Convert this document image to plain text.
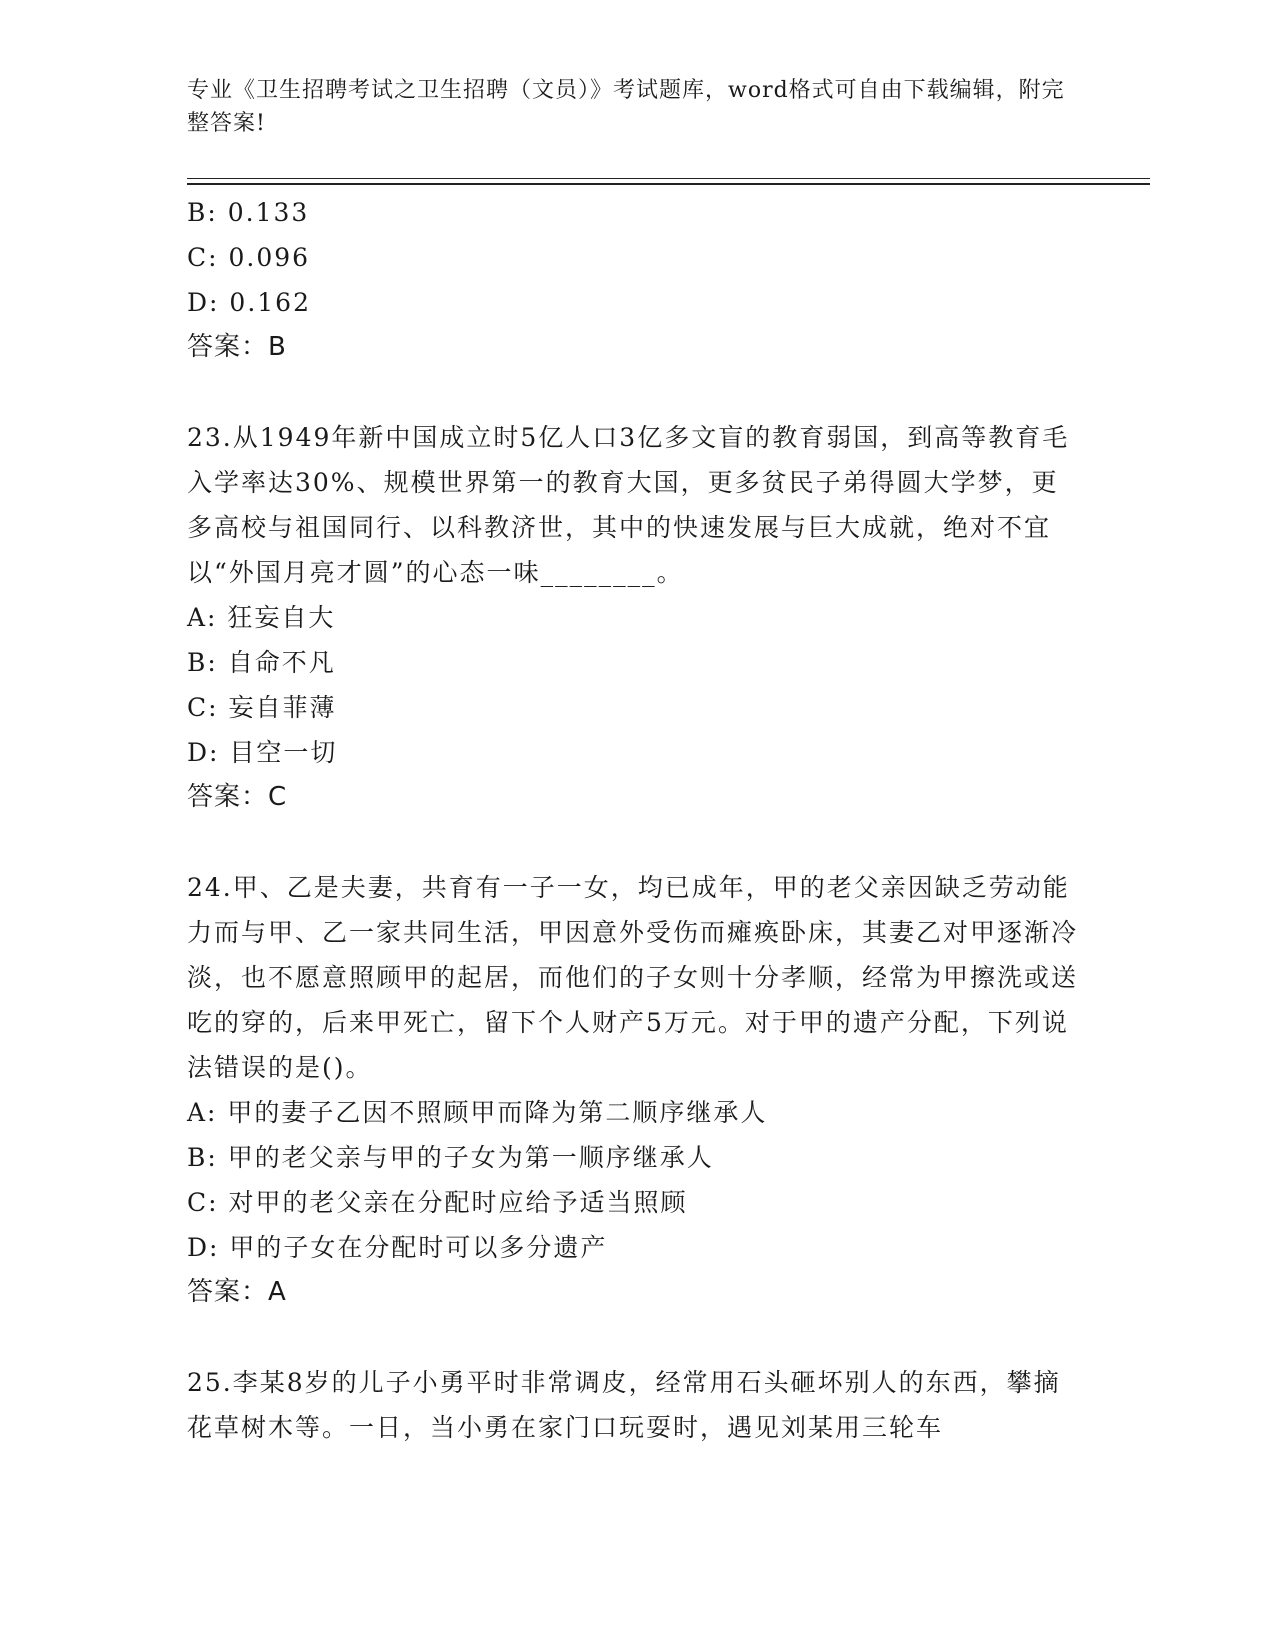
专业《卫生招聘考试之卫生招聘（文员）》考试题库，word格式可自由下载编辑，附完整答案!
B: 0.133
C: 0.096
D: 0.162
答案：B
23.从1949年新中国成立时5亿人口3亿多文盲的教育弱国，到高等教育毛入学率达30%、规模世界第一的教育大国，更多贫民子弟得圆大学梦，更多高校与祖国同行、以科教济世，其中的快速发展与巨大成就，绝对不宜以“外国月亮才圆”的心态一味________。
A: 狂妄自大
B: 自命不凡
C: 妄自菲薄
D: 目空一切
答案：C
24.甲、乙是夫妻，共育有一子一女，均已成年，甲的老父亲因缺乏劳动能力而与甲、乙一家共同生活，甲因意外受伤而瘫痪卧床，其妻乙对甲逐渐冷淡，也不愿意照顾甲的起居，而他们的子女则十分孝顺，经常为甲擦洗或送吃的穿的，后来甲死亡，留下个人财产5万元。对于甲的遗产分配，下列说法错误的是()。
A: 甲的妻子乙因不照顾甲而降为第二顺序继承人
B: 甲的老父亲与甲的子女为第一顺序继承人
C: 对甲的老父亲在分配时应给予适当照顾
D: 甲的子女在分配时可以多分遗产
答案：A
25.李某8岁的儿子小勇平时非常调皮，经常用石头砸坏别人的东西，攀摘花草树木等。一日，当小勇在家门口玩耍时，遇见刘某用三轮车
